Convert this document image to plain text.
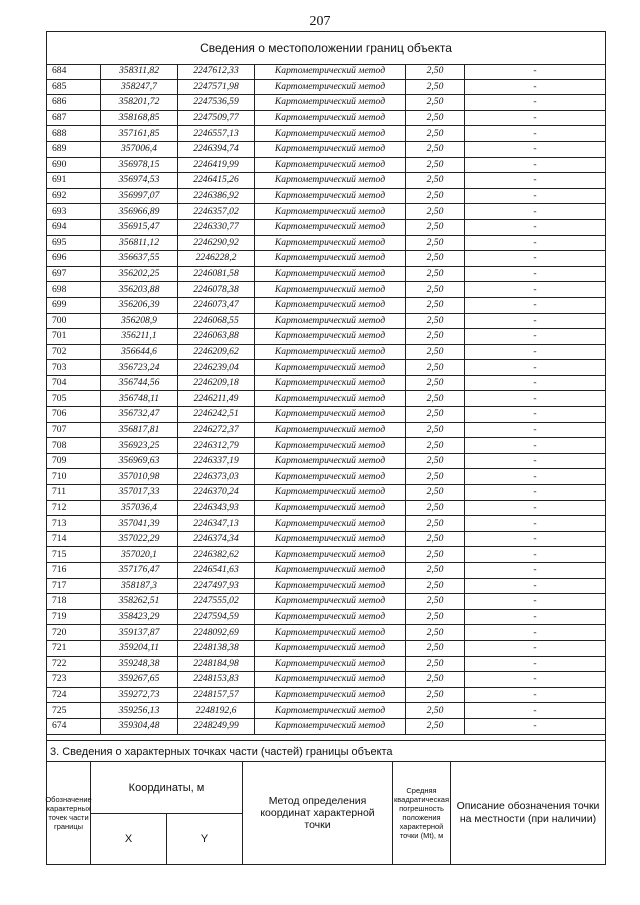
207
Сведения о местоположении границ объекта
684	358311,82	2247612,33	Картометрический метод	2,50	-
685	358247,7	2247571,98	Картометрический метод	2,50	-
686	358201,72	2247536,59	Картометрический метод	2,50	-
687	358168,85	2247509,77	Картометрический метод	2,50	-
688	357161,85	2246557,13	Картометрический метод	2,50	-
689	357006,4	2246394,74	Картометрический метод	2,50	-
690	356978,15	2246419,99	Картометрический метод	2,50	-
691	356974,53	2246415,26	Картометрический метод	2,50	-
692	356997,07	2246386,92	Картометрический метод	2,50	-
693	356966,89	2246357,02	Картометрический метод	2,50	-
694	356915,47	2246330,77	Картометрический метод	2,50	-
695	356811,12	2246290,92	Картометрический метод	2,50	-
696	356637,55	2246228,2	Картометрический метод	2,50	-
697	356202,25	2246081,58	Картометрический метод	2,50	-
698	356203,88	2246078,38	Картометрический метод	2,50	-
699	356206,39	2246073,47	Картометрический метод	2,50	-
700	356208,9	2246068,55	Картометрический метод	2,50	-
701	356211,1	2246063,88	Картометрический метод	2,50	-
702	356644,6	2246209,62	Картометрический метод	2,50	-
703	356723,24	2246239,04	Картометрический метод	2,50	-
704	356744,56	2246209,18	Картометрический метод	2,50	-
705	356748,11	2246211,49	Картометрический метод	2,50	-
706	356732,47	2246242,51	Картометрический метод	2,50	-
707	356817,81	2246272,37	Картометрический метод	2,50	-
708	356923,25	2246312,79	Картометрический метод	2,50	-
709	356969,63	2246337,19	Картометрический метод	2,50	-
710	357010,98	2246373,03	Картометрический метод	2,50	-
711	357017,33	2246370,24	Картометрический метод	2,50	-
712	357036,4	2246343,93	Картометрический метод	2,50	-
713	357041,39	2246347,13	Картометрический метод	2,50	-
714	357022,29	2246374,34	Картометрический метод	2,50	-
715	357020,1	2246382,62	Картометрический метод	2,50	-
716	357176,47	2246541,63	Картометрический метод	2,50	-
717	358187,3	2247497,93	Картометрический метод	2,50	-
718	358262,51	2247555,02	Картометрический метод	2,50	-
719	358423,29	2247594,59	Картометрический метод	2,50	-
720	359137,87	2248092,69	Картометрический метод	2,50	-
721	359204,11	2248138,38	Картометрический метод	2,50	-
722	359248,38	2248184,98	Картометрический метод	2,50	-
723	359267,65	2248153,83	Картометрический метод	2,50	-
724	359272,73	2248157,57	Картометрический метод	2,50	-
725	359256,13	2248192,6	Картометрический метод	2,50	-
674	359304,48	2248249,99	Картометрический метод	2,50	-
3. Сведения о характерных точках части (частей) границы объекта
Обозначение характерных точек части границы
Координаты, м
X	Y
Метод определения координат характерной точки
Средняя квадратическая погрешность положения характерной точки (Mt), м
Описание обозначения точки на местности (при наличии)
